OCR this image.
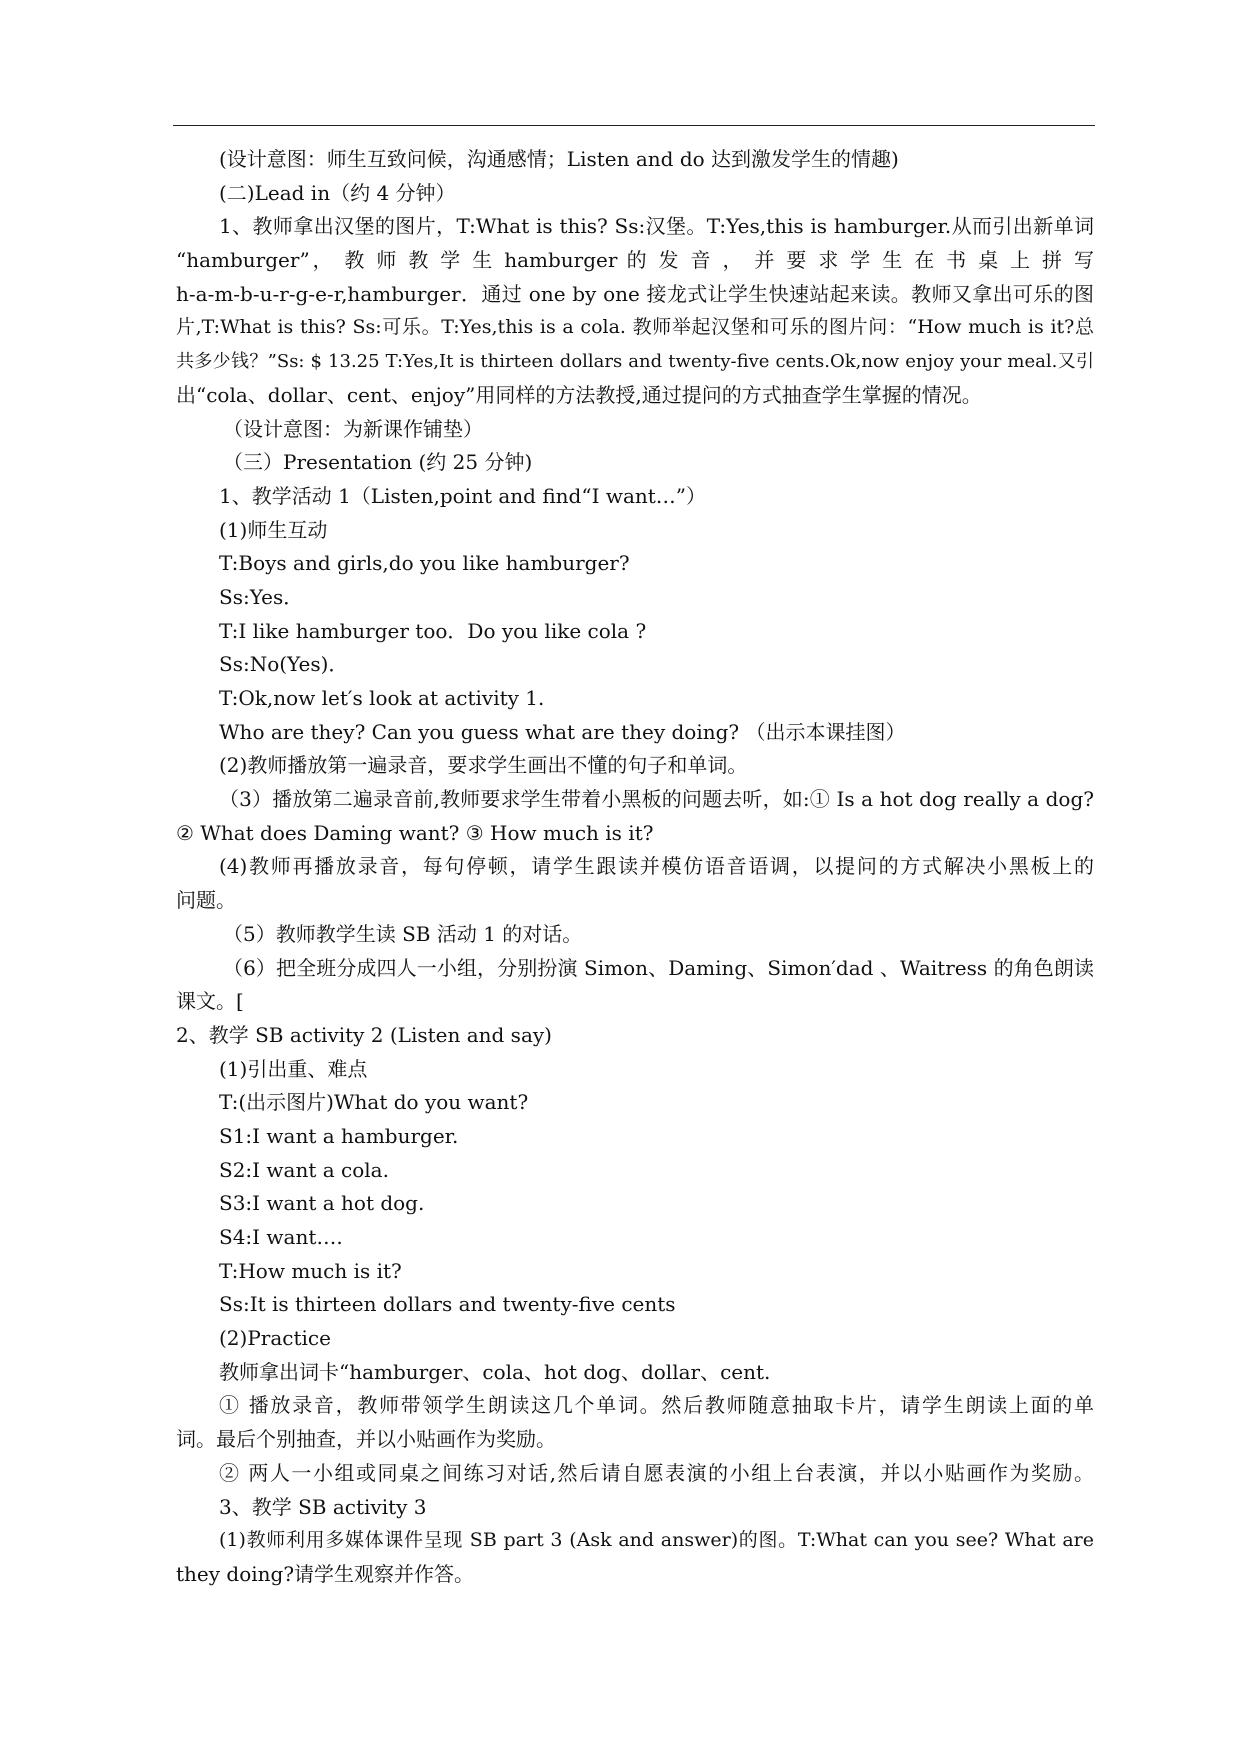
(设计意图：师生互致问候，沟通感情；Listen and do 达到激发学生的情趣)
(二)Lead in（约 4 分钟）
1、教师拿出汉堡的图片，T:What is this? Ss:汉堡。T:Yes,this is hamburger.从而引出新单词
“hamburger”， 教 师 教 学 生 hamburger 的 发 音 ， 并 要 求 学 生 在 书 桌 上 拼 写
h-a-m-b-u-r-g-e-r,hamburger．通过 one by one 接龙式让学生快速站起来读。教师又拿出可乐的图
片,T:What is this? Ss:可乐。T:Yes,this is a cola. 教师举起汉堡和可乐的图片问：“How much is it?总
共多少钱？”Ss: $ 13.25 T:Yes,It is thirteen dollars and twenty-five cents.Ok,now enjoy your meal.又引
出“cola、dollar、cent、enjoy”用同样的方法教授,通过提问的方式抽查学生掌握的情况。
（设计意图：为新课作铺垫）
（三）Presentation (约 25 分钟)
1、教学活动 1（Listen,point and find“I want…”）
(1)师生互动
T:Boys and girls,do you like hamburger?
Ss:Yes．
T:I like hamburger too．Do you like cola ?
Ss:No(Yes)．
T:Ok,now let′s look at activity 1.
Who are they? Can you guess what are they doing? （出示本课挂图）
(2)教师播放第一遍录音，要求学生画出不懂的句子和单词。
（3）播放第二遍录音前,教师要求学生带着小黑板的问题去听，如:① Is a hot dog really a dog?
② What does Daming want? ③ How much is it?
(4)教师再播放录音，每句停顿，请学生跟读并模仿语音语调，以提问的方式解决小黑板上的
问题。
（5）教师教学生读 SB 活动 1 的对话。
（6）把全班分成四人一小组，分别扮演 Simon、Daming、Simon′dad 、Waitress 的角色朗读
课文。[
2、教学 SB activity 2 (Listen and say)
(1)引出重、难点
T:(出示图片)What do you want?
S1:I want a hamburger.
S2:I want a cola.
S3:I want a hot dog.
S4:I want….
T:How much is it?
Ss:It is thirteen dollars and twenty-five cents
(2)Practice
教师拿出词卡“hamburger、cola、hot dog、dollar、cent.
① 播放录音，教师带领学生朗读这几个单词。然后教师随意抽取卡片，请学生朗读上面的单
词。最后个别抽查，并以小贴画作为奖励。
② 两人一小组或同桌之间练习对话,然后请自愿表演的小组上台表演，并以小贴画作为奖励。
3、教学 SB activity 3
(1)教师利用多媒体课件呈现 SB part 3 (Ask and answer)的图。T:What can you see? What are
they doing?请学生观察并作答。
